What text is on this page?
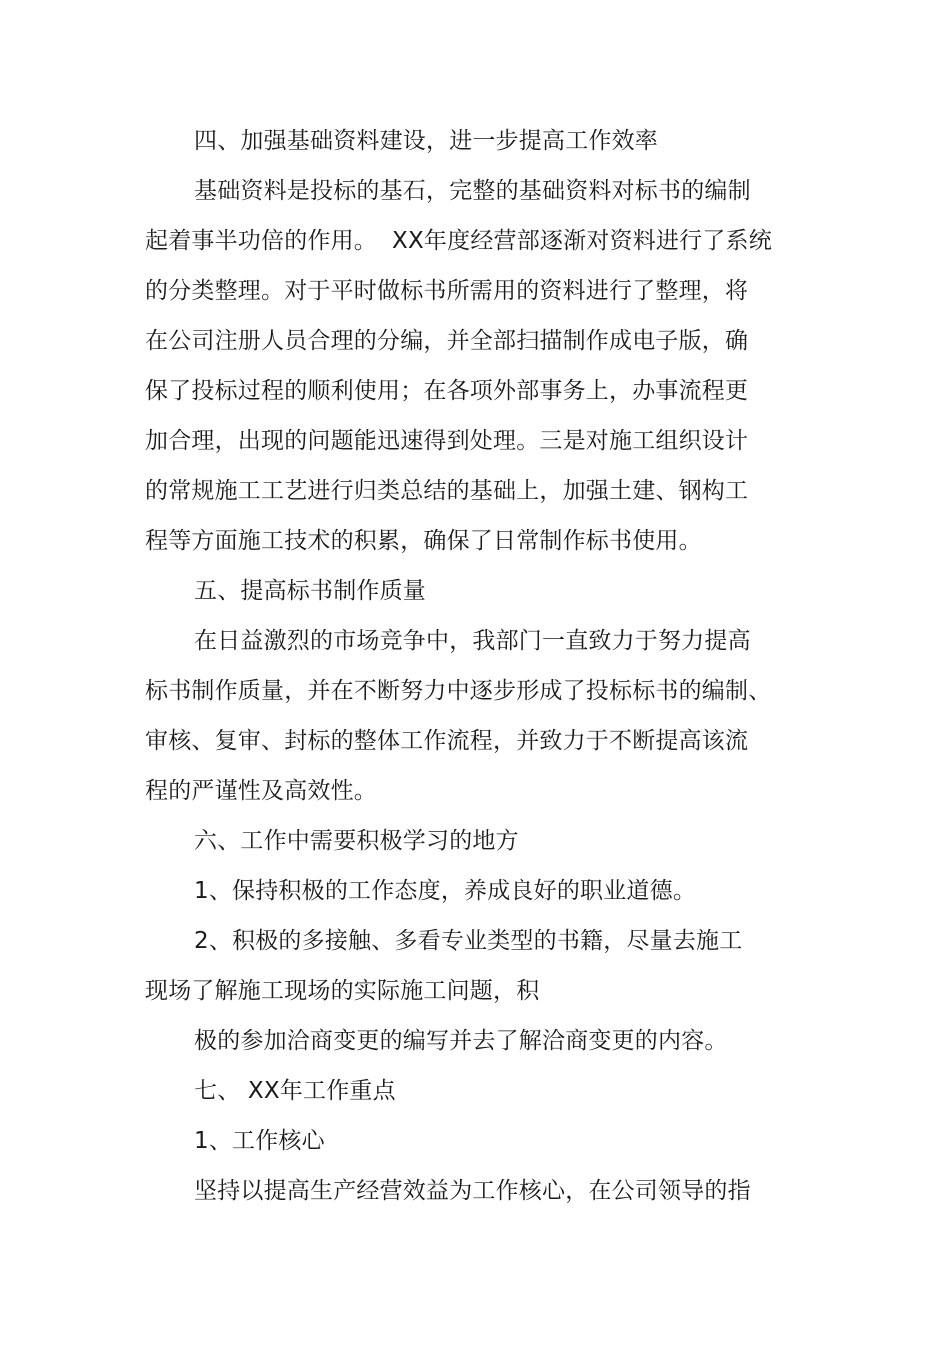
四、加强基础资料建设，进一步提高工作效率
基础资料是投标的基石，完整的基础资料对标书的编制
起着事半功倍的作用。  XX年度经营部逐渐对资料进行了系统
的分类整理。对于平时做标书所需用的资料进行了整理，将
在公司注册人员合理的分编，并全部扫描制作成电子版，确
保了投标过程的顺利使用；在各项外部事务上，办事流程更
加合理，出现的问题能迅速得到处理。三是对施工组织设计
的常规施工工艺进行归类总结的基础上，加强土建、钢构工
程等方面施工技术的积累，确保了日常制作标书使用。
五、提高标书制作质量
在日益激烈的市场竞争中，我部门一直致力于努力提高
标书制作质量，并在不断努力中逐步形成了投标标书的编制、
审核、复审、封标的整体工作流程，并致力于不断提高该流
程的严谨性及高效性。
六、工作中需要积极学习的地方
1、保持积极的工作态度，养成良好的职业道德。
2、积极的多接触、多看专业类型的书籍，尽量去施工
现场了解施工现场的实际施工问题，积
极的参加洽商变更的编写并去了解洽商变更的内容。
七、 XX年工作重点
1、工作核心
坚持以提高生产经营效益为工作核心，在公司领导的指
